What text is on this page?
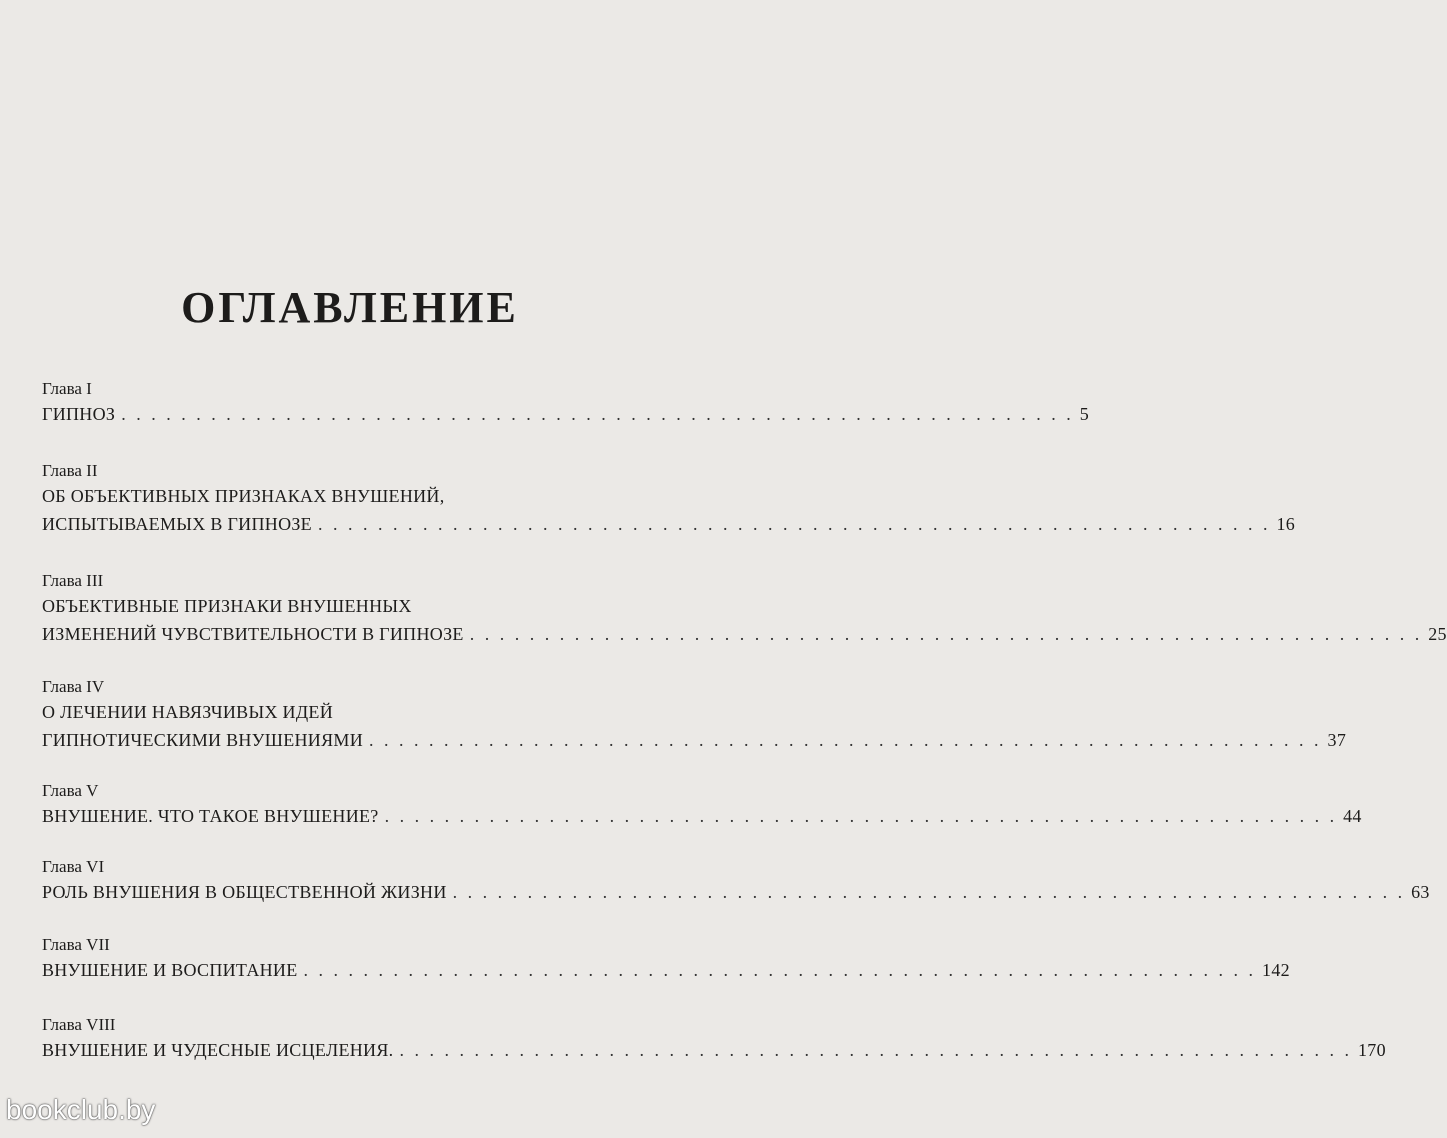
ОГЛАВЛЕНИЕ
Глава I
ГИПНОЗ . . . . . . . . . . . . . . . . . . . . . . . . . . . . . . . . . . . . . . . . . . . . . . . . . . . . . . . . . . . . . . . . 5
Глава II
ОБ ОБЪЕКТИВНЫХ ПРИЗНАКАХ ВНУШЕНИЙ,
ИСПЫТЫВАЕМЫХ В ГИПНОЗЕ . . . . . . . . . . . . . . . . . . . . . . . . . . . . . . . . . . . . . . . . . . . . . . . . . . . . . . . . . . . . . . . . 16
Глава III
ОБЪЕКТИВНЫЕ ПРИЗНАКИ ВНУШЕННЫХ
ИЗМЕНЕНИЙ ЧУВСТВИТЕЛЬНОСТИ В ГИПНОЗЕ . . . . . . . . . . . . . . . . . . . . . . . . . . . . . . . . . . . . . . . . . . . . . . . . . . . . . . . . . . . . . . . . 25
Глава IV
О ЛЕЧЕНИИ НАВЯЗЧИВЫХ ИДЕЙ
ГИПНОТИЧЕСКИМИ ВНУШЕНИЯМИ . . . . . . . . . . . . . . . . . . . . . . . . . . . . . . . . . . . . . . . . . . . . . . . . . . . . . . . . . . . . . . . . 37
Глава V
ВНУШЕНИЕ. ЧТО ТАКОЕ ВНУШЕНИЕ? . . . . . . . . . . . . . . . . . . . . . . . . . . . . . . . . . . . . . . . . . . . . . . . . . . . . . . . . . . . . . . . . 44
Глава VI
РОЛЬ ВНУШЕНИЯ В ОБЩЕСТВЕННОЙ ЖИЗНИ . . . . . . . . . . . . . . . . . . . . . . . . . . . . . . . . . . . . . . . . . . . . . . . . . . . . . . . . . . . . . . . . 63
Глава VII
ВНУШЕНИЕ И ВОСПИТАНИЕ . . . . . . . . . . . . . . . . . . . . . . . . . . . . . . . . . . . . . . . . . . . . . . . . . . . . . . . . . . . . . . . . 142
Глава VIII
ВНУШЕНИЕ И ЧУДЕСНЫЕ ИСЦЕЛЕНИЯ. . . . . . . . . . . . . . . . . . . . . . . . . . . . . . . . . . . . . . . . . . . . . . . . . . . . . . . . . . . . . . . . . 170
bookclub.by
